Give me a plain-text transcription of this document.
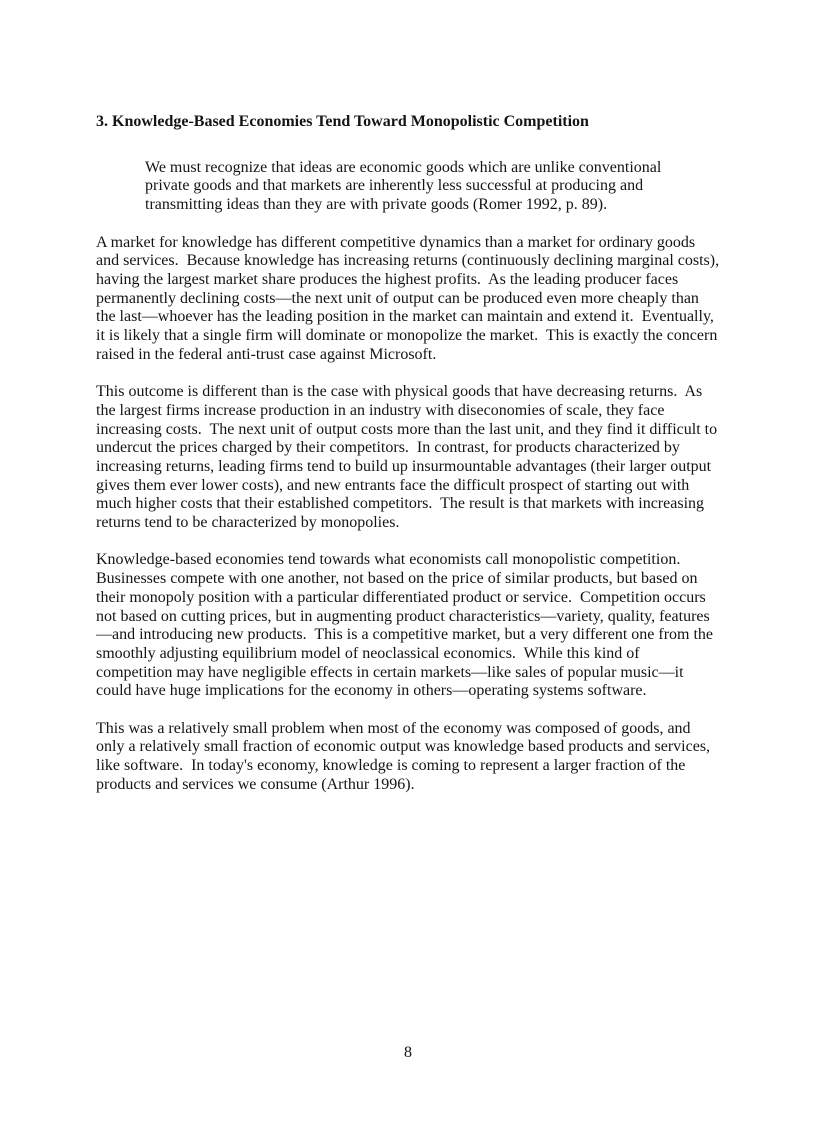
3. Knowledge-Based Economies Tend Toward Monopolistic Competition

We must recognize that ideas are economic goods which are unlike conventional private goods and that markets are inherently less successful at producing and transmitting ideas than they are with private goods (Romer 1992, p. 89).

A market for knowledge has different competitive dynamics than a market for ordinary goods and services.  Because knowledge has increasing returns (continuously declining marginal costs), having the largest market share produces the highest profits.  As the leading producer faces permanently declining costs—the next unit of output can be produced even more cheaply than the last—whoever has the leading position in the market can maintain and extend it.  Eventually, it is likely that a single firm will dominate or monopolize the market.  This is exactly the concern raised in the federal anti-trust case against Microsoft.

This outcome is different than is the case with physical goods that have decreasing returns.  As the largest firms increase production in an industry with diseconomies of scale, they face increasing costs.  The next unit of output costs more than the last unit, and they find it difficult to undercut the prices charged by their competitors.  In contrast, for products characterized by increasing returns, leading firms tend to build up insurmountable advantages (their larger output gives them ever lower costs), and new entrants face the difficult prospect of starting out with much higher costs that their established competitors.  The result is that markets with increasing returns tend to be characterized by monopolies.

Knowledge-based economies tend towards what economists call monopolistic competition.  Businesses compete with one another, not based on the price of similar products, but based on their monopoly position with a particular differentiated product or service.  Competition occurs not based on cutting prices, but in augmenting product characteristics—variety, quality, features—and introducing new products.  This is a competitive market, but a very different one from the smoothly adjusting equilibrium model of neoclassical economics.  While this kind of competition may have negligible effects in certain markets—like sales of popular music—it could have huge implications for the economy in others—operating systems software.

This was a relatively small problem when most of the economy was composed of goods, and only a relatively small fraction of economic output was knowledge based products and services, like software.  In today's economy, knowledge is coming to represent a larger fraction of the products and services we consume (Arthur 1996).

8
